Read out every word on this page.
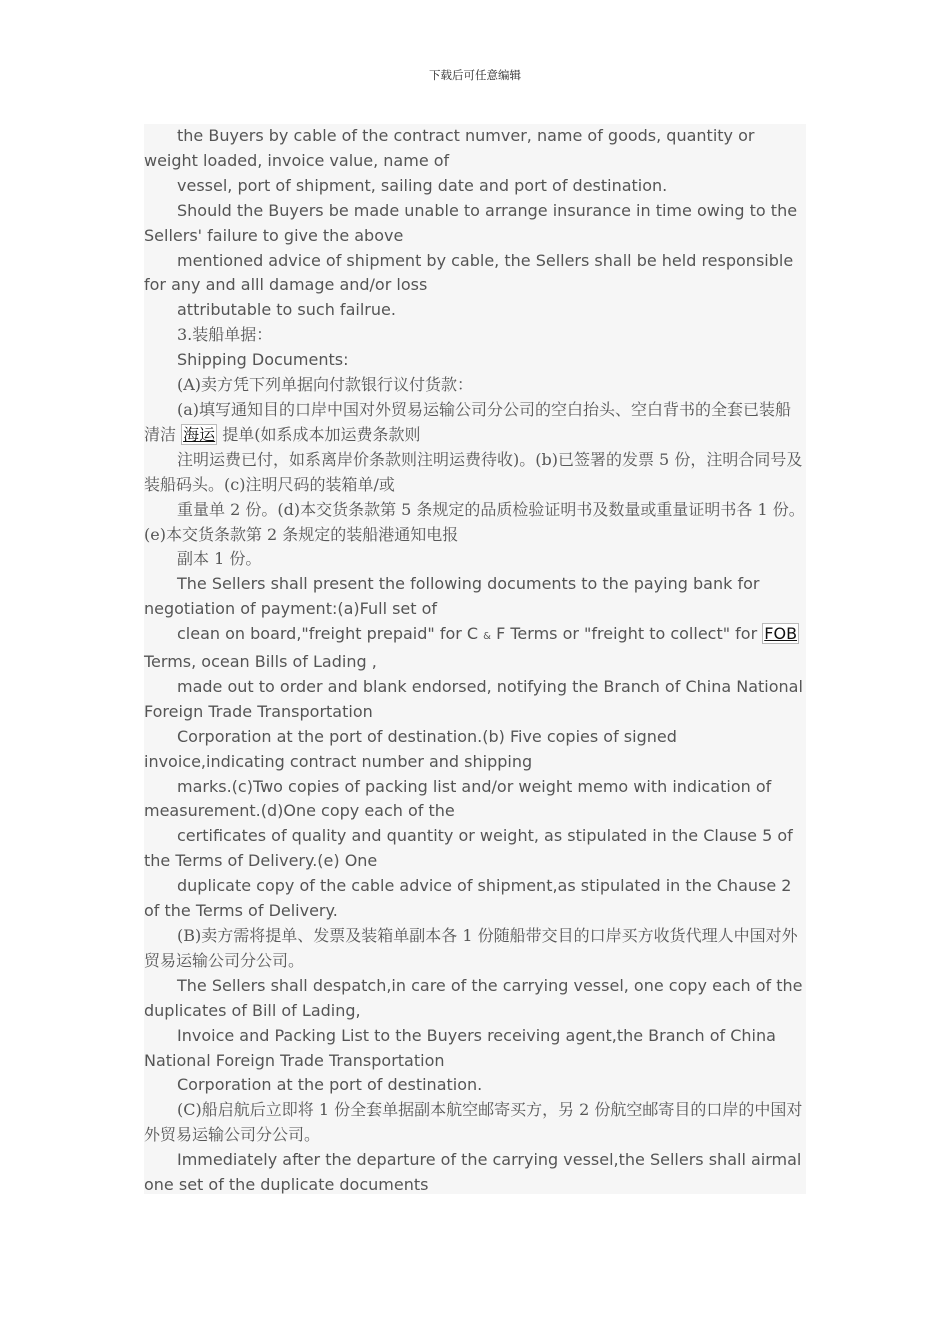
下载后可任意编辑

the Buyers by cable of the contract numver, name of goods, quantity or weight loaded, invoice value, name of

vessel, port of shipment, sailing date and port of destination.

Should the Buyers be made unable to arrange insurance in time owing to the Sellers' failure to give the above

mentioned advice of shipment by cable, the Sellers shall be held responsible for any and alll damage and/or loss

attributable to such failrue.

3.装船单据：

Shipping Documents:

(A)卖方凭下列单据向付款银行议付货款：

(a)填写通知目的口岸中国对外贸易运输公司分公司的空白抬头、空白背书的全套已装船清洁 海运 提单(如系成本加运费条款则

注明运费已付，如系离岸价条款则注明运费待收)。(b)已签署的发票 5 份，注明合同号及装船码头。(c)注明尺码的装箱单/或

重量单 2 份。(d)本交货条款第 5 条规定的品质检验证明书及数量或重量证明书各 1 份。(e)本交货条款第 2 条规定的装船港通知电报

副本 1 份。

The Sellers shall present the following documents to the paying bank for negotiation of payment:(a)Full set of

clean on board,"freight prepaid" for C & F Terms or "freight to collect" for FOB Terms, ocean Bills of Lading ,

made out to order and blank endorsed, notifying the Branch of China National Foreign Trade Transportation

Corporation at the port of destination.(b) Five copies of signed invoice,indicating contract number and shipping

marks.(c)Two copies of packing list and/or weight memo with indication of measurement.(d)One copy each of the

certificates of quality and quantity or weight, as stipulated in the Clause 5 of the Terms of Delivery.(e) One

duplicate copy of the cable advice of shipment,as stipulated in the Chause 2 of the Terms of Delivery.

(B)卖方需将提单、发票及装箱单副本各 1 份随船带交目的口岸买方收货代理人中国对外贸易运输公司分公司。

The Sellers shall despatch,in care of the carrying vessel, one copy each of the duplicates of Bill of Lading,

Invoice and Packing List to the Buyers receiving agent,the Branch of China National Foreign Trade Transportation

Corporation at the port of destination.

(C)船启航后立即将 1 份全套单据副本航空邮寄买方，另 2 份航空邮寄目的口岸的中国对外贸易运输公司分公司。

Immediately after the departure of the carrying vessel,the Sellers shall airmal one set of the duplicate documents
